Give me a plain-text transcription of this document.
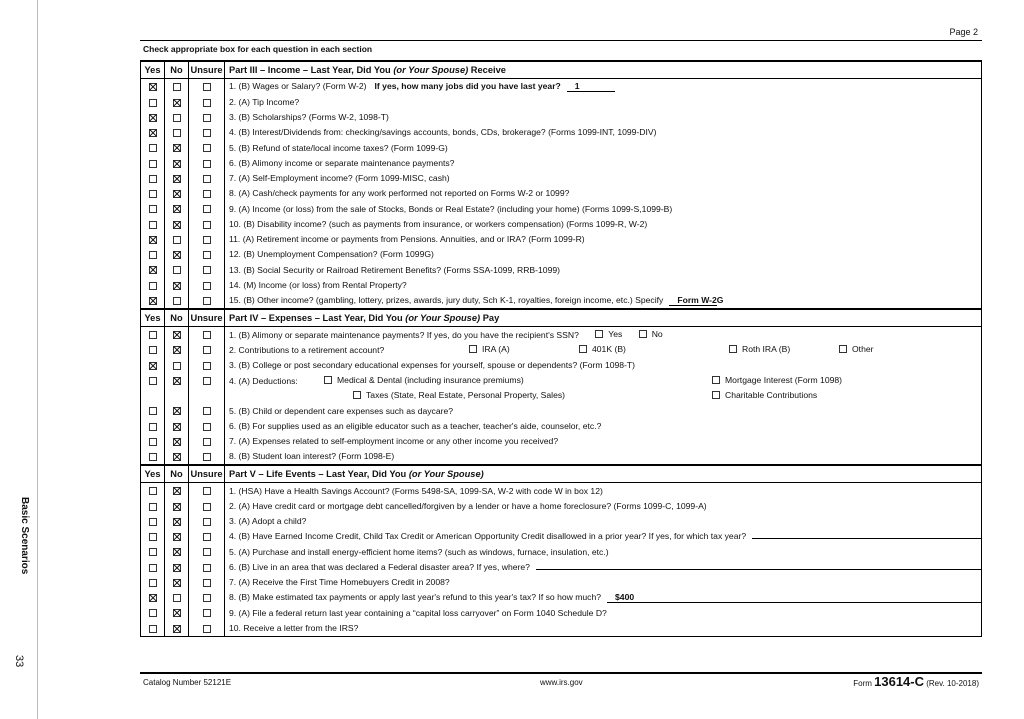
Basic Scenarios
33
Page 2
Check appropriate box for each question in each section
Yes	No	Unsure	Part III – Income – Last Year, Did You (or Your Spouse) Receive
			1. (B) Wages or Salary? (Form W-2) If yes, how many jobs did you have last year? 1
			2. (A) Tip Income?
			3. (B) Scholarships? (Forms W-2, 1098-T)
			4. (B) Interest/Dividends from: checking/savings accounts, bonds, CDs, brokerage? (Forms 1099-INT, 1099-DIV)
			5. (B) Refund of state/local income taxes? (Form 1099-G)
			6. (B) Alimony income or separate maintenance payments?
			7. (A) Self-Employment income? (Form 1099-MISC, cash)
			8. (A) Cash/check payments for any work performed not reported on Forms W-2 or 1099?
			9. (A) Income (or loss) from the sale of Stocks, Bonds or Real Estate? (including your home) (Forms 1099-S,1099-B)
			10. (B) Disability income? (such as payments from insurance, or workers compensation) (Forms 1099-R, W-2)
			11. (A) Retirement income or payments from Pensions. Annuities, and or IRA? (Form 1099-R)
			12. (B) Unemployment Compensation? (Form 1099G)
			13. (B) Social Security or Railroad Retirement Benefits? (Forms SSA-1099, RRB-1099)
			14. (M) Income (or loss) from Rental Property?
			15. (B) Other income? (gambling, lottery, prizes, awards, jury duty, Sch K-1, royalties, foreign income, etc.) Specify Form W-2G
Yes	No	Unsure	Part IV – Expenses – Last Year, Did You (or Your Spouse) Pay
			1. (B) Alimony or separate maintenance payments? If yes, do you have the recipient's SSN? Yes
No

			2. Contributions to a retirement account? IRA (A) 401K (B) Roth IRA (B) Other

			3. (B) College or post secondary educational expenses for yourself, spouse or dependents? (Form 1098-T)
			4. (A) Deductions: Medical & Dental (including insurance premiums) Mortgage Interest (Form 1098)

			Taxes (State, Real Estate, Personal Property, Sales) Charitable Contributions

			5. (B) Child or dependent care expenses such as daycare?
			6. (B) For supplies used as an eligible educator such as a teacher, teacher's aide, counselor, etc.?
			7. (A) Expenses related to self-employment income or any other income you received?
			8. (B) Student loan interest? (Form 1098-E)
Yes	No	Unsure	Part V – Life Events – Last Year, Did You (or Your Spouse)
			1. (HSA) Have a Health Savings Account? (Forms 5498-SA, 1099-SA, W-2 with code W in box 12)
			2. (A) Have credit card or mortgage debt cancelled/forgiven by a lender or have a home foreclosure? (Forms 1099-C, 1099-A)
			3. (A) Adopt a child?
			4. (B) Have Earned Income Credit, Child Tax Credit or American Opportunity Credit disallowed in a prior year? If yes, for which tax year?
			5. (A) Purchase and install energy-efficient home items? (such as windows, furnace, insulation, etc.)
			6. (B) Live in an area that was declared a Federal disaster area? If yes, where?
			7. (A) Receive the First Time Homebuyers Credit in 2008?
			8. (B) Make estimated tax payments or apply last year's refund to this year's tax? If so how much? $400
			9. (A) File a federal return last year containing a “capital loss carryover” on Form 1040 Schedule D?
			10. Receive a letter from the IRS?
Catalog Number 52121E	www.irs.gov	Form 13614-C (Rev. 10-2018)
